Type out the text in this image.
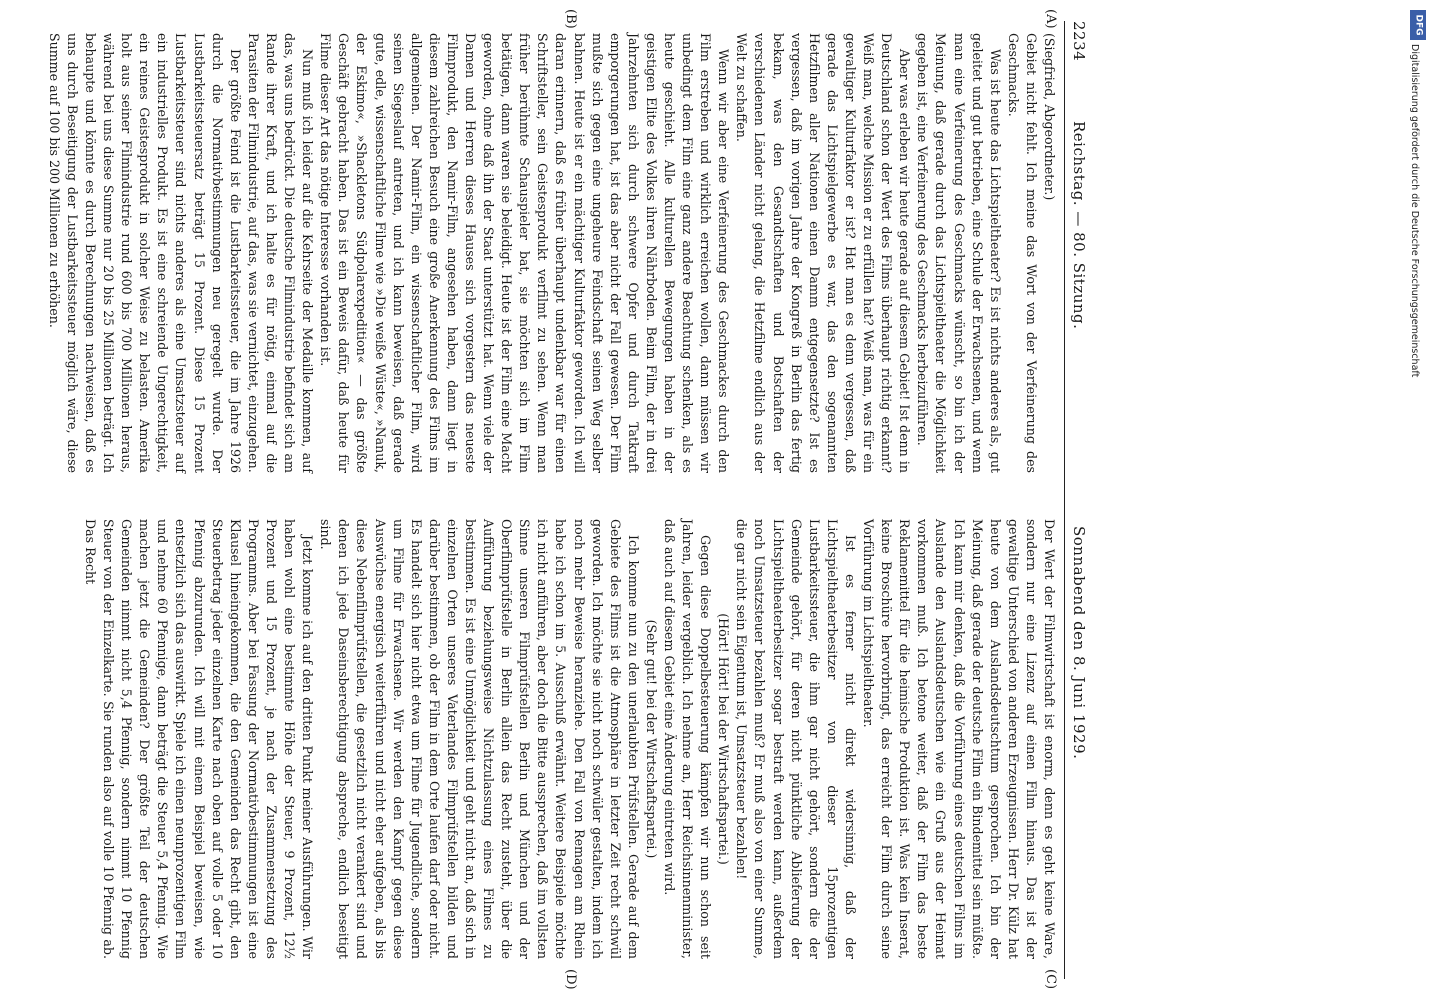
2234
Reichstag. — 80. Sitzung.
Sonnabend den 8. Juni 1929.
(A)
(B)
(C)
(D)

(Siegfried, Abgeordneter.)

Gebiet nicht fehlt. Ich meine das Wort von der Verfeinerung des Geschmacks.

Was ist heute das Lichtspieltheater? Es ist nichts anderes als, gut geleitet und gut betrieben, eine Schule der Erwachsenen, und wenn man eine Verfeinerung des Geschmacks wünscht, so bin ich der Meinung, daß gerade durch das Lichtspieltheater die Möglichkeit gegeben ist, eine Verfeinerung des Geschmacks herbeizuführen.

Aber was erleben wir heute gerade auf diesem Gebiet! Ist denn in Deutschland schon der Wert des Films überhaupt richtig erkannt? Weiß man, welche Mission er zu erfüllen hat? Weiß man, was für ein gewaltiger Kulturfaktor er ist? Hat man es denn vergessen, daß gerade das Lichtspielgewerbe es war, das den sogenannten Hetzfilmen aller Nationen einen Damm entgegensetzte? Ist es vergessen, daß im vorigen Jahre der Kongreß in Berlin das fertig bekam, was den Gesandtschaften und Botschaften der verschiedenen Länder nicht gelang, die Hetzfilme endlich aus der Welt zu schaffen.

Wenn wir aber eine Verfeinerung des Geschmackes durch den Film erstreben und wirklich erreichen wollen, dann müssen wir unbedingt dem Film eine ganz andere Beachtung schenken, als es heute geschieht. Alle kulturellen Bewegungen haben in der geistigen Elite des Volkes ihren Nährboden. Beim Film, der in drei Jahrzehnten sich durch schwere Opfer und durch Tatkraft emporgerungen hat, ist das aber nicht der Fall gewesen. Der Film mußte sich gegen eine ungeheure Feindschaft seinen Weg selber bahnen. Heute ist er ein mächtiger Kulturfaktor geworden. Ich will daran erinnern, daß es früher überhaupt undenkbar war für einen Schriftsteller, sein Geistesprodukt verfilmt zu sehen. Wenn man früher berühmte Schauspieler bat, sie möchten sich im Film betätigen, dann waren sie beleidigt. Heute ist der Film eine Macht geworden, ohne daß ihn der Staat unterstützt hat. Wenn viele der Damen und Herren dieses Hauses sich vorgestern das neueste Filmprodukt, den Namir-Film, angesehen haben, dann liegt in diesem zahlreichen Besuch eine große Anerkennung des Films im allgemeinen. Der Namir-Film, ein wissenschaftlicher Film, wird seinen Siegeslauf antreten, und ich kann beweisen, daß gerade gute, edle, wissenschaftliche Filme wie »Die weiße Wüste«, »Nanuk, der Eskimo«, »Shackletons Südpolarexpedition« — das größte Geschäft gebracht haben. Das ist ein Beweis dafür, daß heute für Filme dieser Art das nötige Interesse vorhanden ist.

Nun muß ich leider auf die Kehrseite der Medaille kommen, auf das, was uns bedrückt. Die deutsche Filmindustrie befindet sich am Rande ihrer Kraft, und ich halte es für nötig, einmal auf die Parasiten der Filmindustrie, auf das, was sie vernichtet, einzugehen.

Der größte Feind ist die Lustbarkeitssteuer, die im Jahre 1926 durch die Normativbestimmungen neu geregelt wurde. Der Lustbarkeitssteuersatz beträgt 15 Prozent. Diese 15 Prozent Lustbarkeitssteuer sind nichts anderes als eine Umsatzsteuer auf ein industrielles Produkt. Es ist eine schreiende Ungerechtigkeit, ein reines Geistesprodukt in solcher Weise zu belasten. Amerika holt aus seiner Filmindustrie rund 600 bis 700 Millionen heraus, während bei uns diese Summe nur 20 bis 25 Millionen beträgt. Ich behaupte und könnte es durch Berechnungen nachweisen, daß es uns durch Beseitigung der Lustbarkeitssteuer möglich wäre, diese Summe auf 100 bis 200 Millionen zu erhöhen.

Der Wert der Filmwirtschaft ist enorm, denn es geht keine Ware, sondern nur eine Lizenz auf einen Film hinaus. Das ist der gewaltige Unterschied von anderen Erzeugnissen. Herr Dr. Külz hat heute von dem Auslandsdeutschtum gesprochen. Ich bin der Meinung, daß gerade der deutsche Film ein Bindemittel sein müßte. Ich kann mir denken, daß die Vorführung eines deutschen Films im Auslande den Auslandsdeutschen wie ein Gruß aus der Heimat vorkommen muß. Ich betone weiter, daß der Film das beste Reklamemittel für die heimische Produktion ist. Was kein Inserat, keine Broschüre hervorbringt, das erreicht der Film durch seine Vorführung im Lichtspieltheater.

Ist es ferner nicht direkt widersinnig, daß der Lichtspieltheaterbesitzer von dieser 15prozentigen Lustbarkeitssteuer, die ihm gar nicht gehört, sondern die der Gemeinde gehört, für deren nicht pünktliche Ablieferung der Lichtspieltheaterbesitzer sogar bestraft werden kann, außerdem noch Umsatzsteuer bezahlen muß? Er muß also von einer Summe, die gar nicht sein Eigentum ist, Umsatzsteuer bezahlen!

(Hört! Hört! bei der Wirtschaftspartei.)

Gegen diese Doppelbesteuerung kämpfen wir nun schon seit Jahren, leider vergeblich. Ich nehme an, Herr Reichsinnenminister, daß auch auf diesem Gebiet eine Änderung eintreten wird.

(Sehr gut! bei der Wirtschaftspartei.)

Ich komme nun zu den unerlaubten Prüfstellen. Gerade auf dem Gebiete des Films ist die Atmosphäre in letzter Zeit recht schwül geworden. Ich möchte sie nicht noch schwüler gestalten, indem ich noch mehr Beweise heranziehe. Den Fall von Remagen am Rhein habe ich schon im 5. Ausschuß erwähnt. Weitere Beispiele möchte ich nicht anführen, aber doch die Bitte aussprechen, daß im vollsten Sinne unseren Filmprüfstellen Berlin und München und der Oberfilmprüfstelle in Berlin allein das Recht zusteht, über die Aufführung beziehungsweise Nichtzulassung eines Filmes zu bestimmen. Es ist eine Unmöglichkeit und geht nicht an, daß sich in einzelnen Orten unseres Vaterlandes Filmprüfstellen bilden und darüber bestimmen, ob der Film in dem Orte laufen darf oder nicht. Es handelt sich hier nicht etwa um Filme für Jugendliche, sondern um Filme für Erwachsene. Wir werden den Kampf gegen diese Auswüchse energisch weiterführen und nicht eher aufgeben, als bis diese Nebenfilmprüfstellen, die gesetzlich nicht verankert sind und denen ich jede Daseinsberechtigung abspreche, endlich beseitigt sind.

Jetzt komme ich auf den dritten Punkt meiner Ausführungen. Wir haben wohl eine bestimmte Höhe der Steuer, 9 Prozent, 12½ Prozent und 15 Prozent, je nach der Zusammensetzung des Programms. Aber bei Fassung der Normativbestimmungen ist eine Klausel hineingekommen, die den Gemeinden das Recht gibt, den Steuerbetrag jeder einzelnen Karte nach oben auf volle 5 oder 10 Pfennig abzurunden. Ich will mit einem Beispiel beweisen, wie entsetzlich sich das auswirkt. Spiele ich einen neunprozentigen Film und nehme 60 Pfennige, dann beträgt die Steuer 5,4 Pfennig. Wie machen jetzt die Gemeinden? Der größte Teil der deutschen Gemeinden nimmt nicht 5,4 Pfennig, sondern nimmt 10 Pfennig Steuer von der Einzelkarte. Sie runden also auf volle 10 Pfennig ab. Das Recht

DFG
Digitalisierung gefördert durch die Deutsche Forschungsgemeinschaft
